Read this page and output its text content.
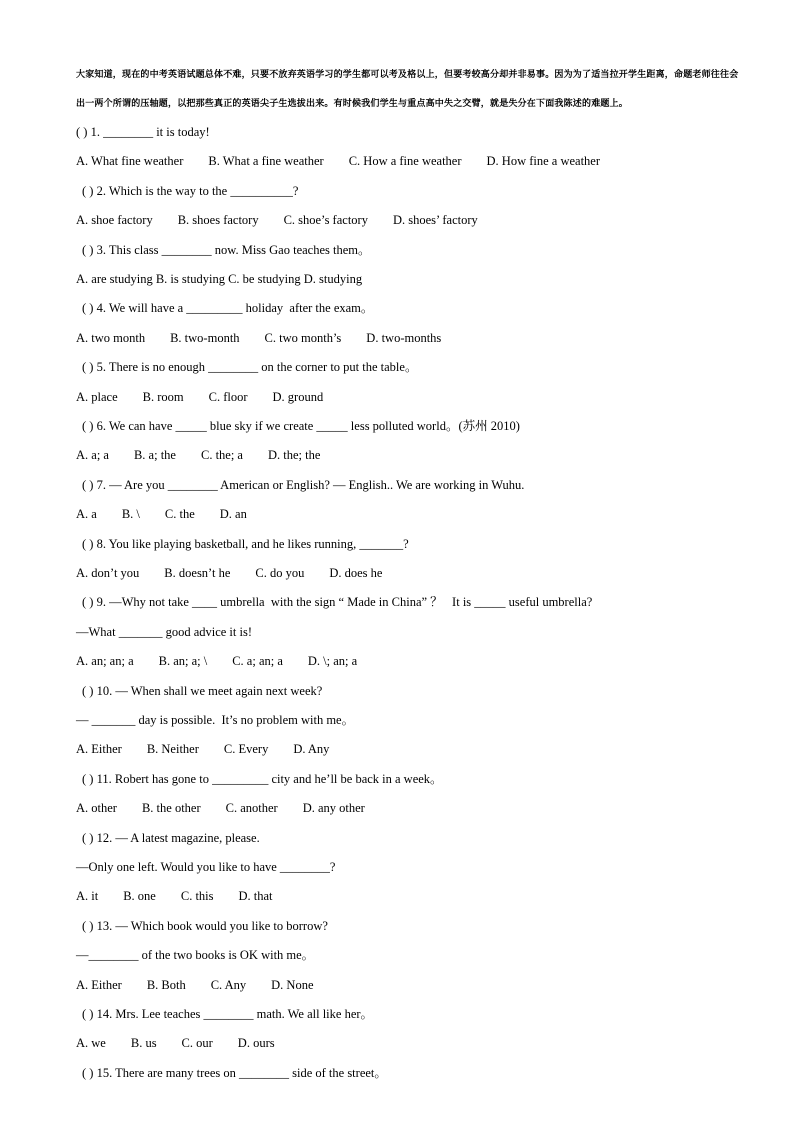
大家知道，现在的中考英语试题总体不难，只要不放弃英语学习的学生都可以考及格以上，但要考较高分却并非易事。因为为了适当拉开学生距离，命题老师往往会
出一两个所谓的压轴题，以把那些真正的英语尖子生选拔出来。有时候我们学生与重点高中失之交臂，就是失分在下面我陈述的难题上。
( ) 1. ________ it is today!
A. What fine weather        B. What a fine weather        C. How a fine weather        D. How fine a weather
( ) 2. Which is the way to the __________?
A. shoe factory        B. shoes factory        C. shoe’s factory        D. shoes’ factory
( ) 3. This class ________ now. Miss Gao teaches them。
A. are studying B. is studying C. be studying D. studying
( ) 4. We will have a _________ holiday  after the exam。
A. two month        B. two-month        C. two month’s        D. two-months
( ) 5. There is no enough ________ on the corner to put the table。
A. place        B. room        C. floor        D. ground
( ) 6. We can have _____ blue sky if we create _____ less polluted world。(苏州 2010)
A. a; a        B. a; the        C. the; a        D. the; the
( ) 7. — Are you ________ American or English? — English.. We are working in Wuhu.
A. a        B. \        C. the        D. an
( ) 8. You like playing basketball, and he likes running, _______?
A. don’t you        B. doesn’t he        C. do you        D. does he
( ) 9. —Why not take ____ umbrella  with the sign “ Made in China” ？   It is _____ useful umbrella?
—What _______ good advice it is!
A. an; an; a        B. an; a; \        C. a; an; a        D. \; an; a
( ) 10. — When shall we meet again next week?
— _______ day is possible.  It’s no problem with me。
A. Either        B. Neither        C. Every        D. Any
( ) 11. Robert has gone to _________ city and he’ll be back in a week。
A. other        B. the other        C. another        D. any other
( ) 12. — A latest magazine, please.
—Only one left. Would you like to have ________?
A. it        B. one        C. this        D. that
( ) 13. — Which book would you like to borrow?
—________ of the two books is OK with me。
A. Either        B. Both        C. Any        D. None
( ) 14. Mrs. Lee teaches ________ math. We all like her。
A. we        B. us        C. our        D. ours
( ) 15. There are many trees on ________ side of the street。
